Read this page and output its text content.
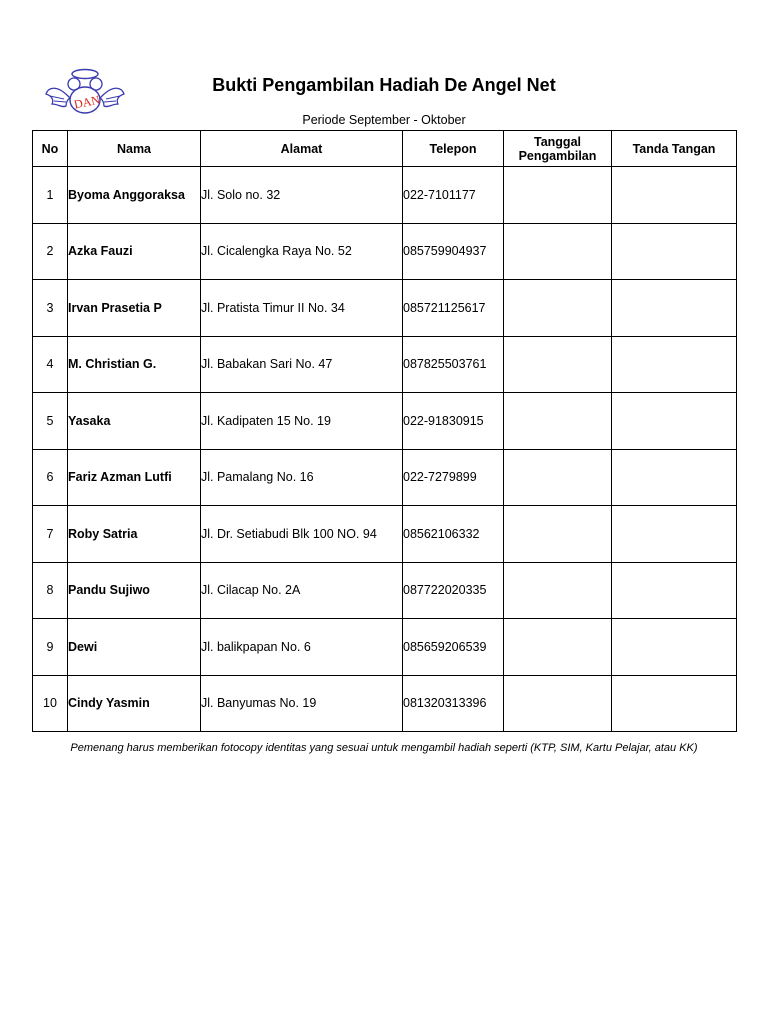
DAN
Bukti Pengambilan Hadiah De Angel Net
Periode September - Oktober
No	Nama	Alamat	Telepon	Tanggal Pengambilan	Tanda Tangan
1	Byoma Anggoraksa	Jl. Solo no. 32	022-7101177		
2	Azka Fauzi	Jl. Cicalengka Raya No. 52	085759904937		
3	Irvan Prasetia P	Jl. Pratista Timur II No. 34	085721125617		
4	M. Christian G.	Jl. Babakan Sari No. 47	087825503761		
5	Yasaka	Jl. Kadipaten 15 No. 19	022-91830915		
6	Fariz Azman Lutfi	Jl. Pamalang No. 16	022-7279899		
7	Roby Satria	Jl. Dr. Setiabudi Blk 100 NO. 94	08562106332		
8	Pandu Sujiwo	Jl. Cilacap No. 2A	087722020335		
9	Dewi	Jl. balikpapan No. 6	085659206539		
10	Cindy Yasmin	Jl. Banyumas No. 19	081320313396		
Pemenang harus memberikan fotocopy identitas yang sesuai untuk mengambil hadiah seperti (KTP, SIM, Kartu Pelajar, atau KK)
